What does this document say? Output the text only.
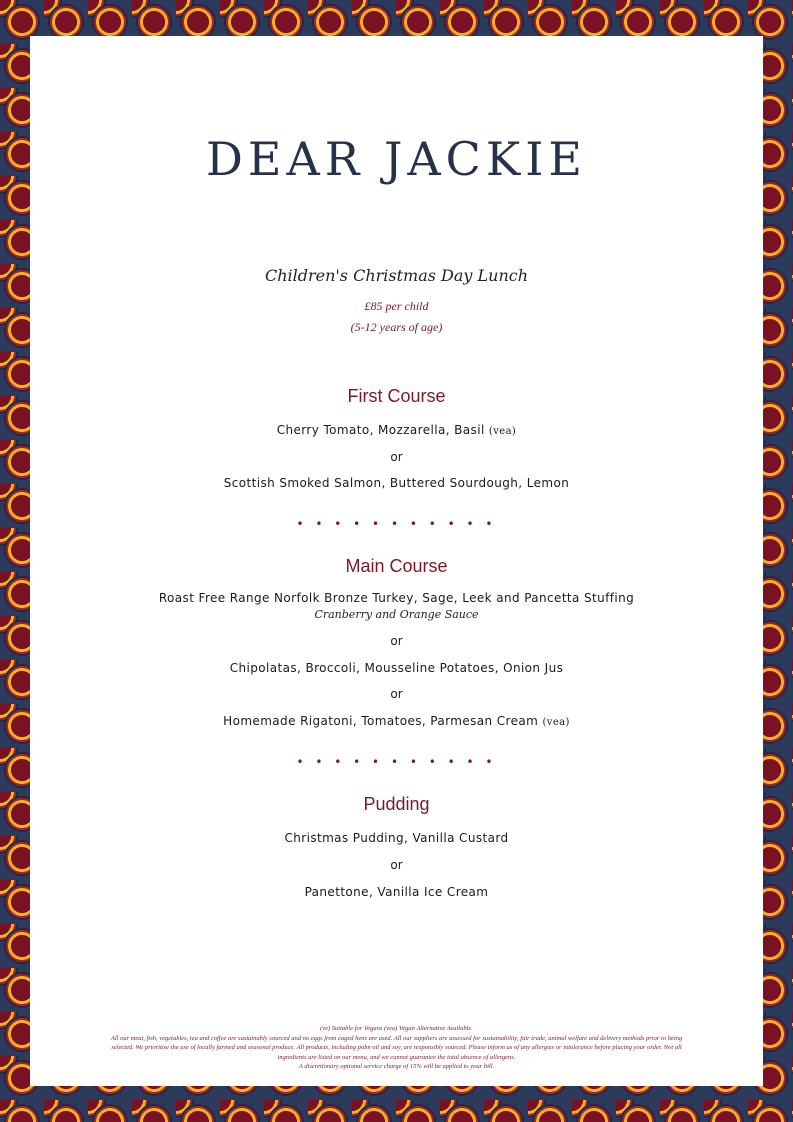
DEAR JACKIE
Children's Christmas Day Lunch
£85 per child
(5-12 years of age)
First Course
Cherry Tomato, Mozzarella, Basil (vea)
or
Scottish Smoked Salmon, Buttered Sourdough, Lemon
• • • • • • • • • • •
Main Course
Roast Free Range Norfolk Bronze Turkey, Sage, Leek and Pancetta Stuffing
Cranberry and Orange Sauce
or
Chipolatas, Broccoli, Mousseline Potatoes, Onion Jus
or
Homemade Rigatoni, Tomatoes, Parmesan Cream (vea)
• • • • • • • • • • •
Pudding
Christmas Pudding, Vanilla Custard
or
Panettone, Vanilla Ice Cream
(ve) Suitable for Vegans (vea) Vegan Alternative Available.
All our meat, fish, vegetables, tea and coffee are sustainably sourced and no eggs from caged hens are used. All our suppliers are assessed for sustainability, fair trade, animal welfare and delivery methods prior to being
selected. We prioritise the use of locally farmed and seasonal produce. All products, including palm oil and soy, are responsibly sourced. Please inform us of any allergies or intolerance before placing your order. Not all
ingredients are listed on our menu, and we cannot guarantee the total absence of allergens.
A discretionary optional service charge of 15% will be applied to your bill.
